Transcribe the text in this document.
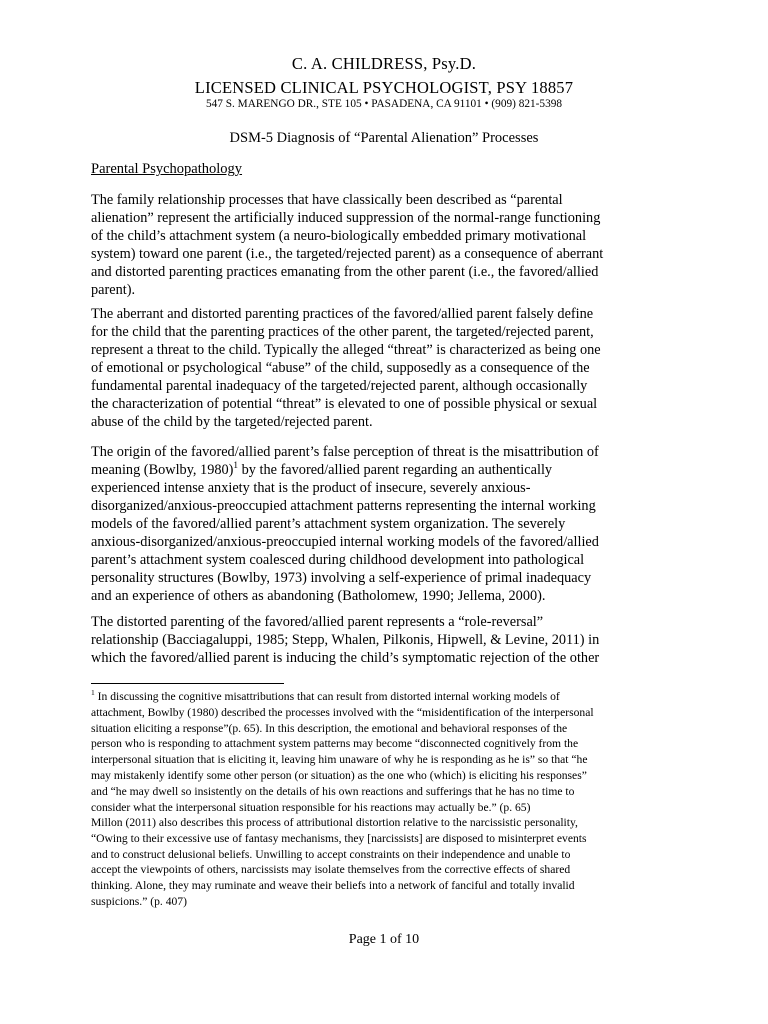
C. A. CHILDRESS, Psy.D.
LICENSED CLINICAL PSYCHOLOGIST, PSY 18857
547 S. MARENGO DR., STE 105 • PASADENA, CA 91101 • (909) 821-5398
DSM-5 Diagnosis of “Parental Alienation” Processes
Parental Psychopathology
The family relationship processes that have classically been described as “parental
alienation” represent the artificially induced suppression of the normal-range functioning
of the child’s attachment system (a neuro-biologically embedded primary motivational
system) toward one parent (i.e., the targeted/rejected parent) as a consequence of aberrant
and distorted parenting practices emanating from the other parent (i.e., the favored/allied
parent).
The aberrant and distorted parenting practices of the favored/allied parent falsely define
for the child that the parenting practices of the other parent, the targeted/rejected parent,
represent a threat to the child. Typically the alleged “threat” is characterized as being one
of emotional or psychological “abuse” of the child, supposedly as a consequence of the
fundamental parental inadequacy of the targeted/rejected parent, although occasionally
the characterization of potential “threat” is elevated to one of possible physical or sexual
abuse of the child by the targeted/rejected parent.
The origin of the favored/allied parent’s false perception of threat is the misattribution of
meaning (Bowlby, 1980)$^1$ by the favored/allied parent regarding an authentically
experienced intense anxiety that is the product of insecure, severely anxious-
disorganized/anxious-preoccupied attachment patterns representing the internal working
models of the favored/allied parent’s attachment system organization. The severely
anxious-disorganized/anxious-preoccupied internal working models of the favored/allied
parent’s attachment system coalesced during childhood development into pathological
personality structures (Bowlby, 1973) involving a self-experience of primal inadequacy
and an experience of others as abandoning (Batholomew, 1990; Jellema, 2000).
The distorted parenting of the favored/allied parent represents a “role-reversal”
relationship (Bacciagaluppi, 1985; Stepp, Whalen, Pilkonis, Hipwell, & Levine, 2011) in
which the favored/allied parent is inducing the child’s symptomatic rejection of the other
$^1$ In discussing the cognitive misattributions that can result from distorted internal working models of
attachment, Bowlby (1980) described the processes involved with the “misidentification of the interpersonal
situation eliciting a response”(p. 65). In this description, the emotional and behavioral responses of the
person who is responding to attachment system patterns may become “disconnected cognitively from the
interpersonal situation that is eliciting it, leaving him unaware of why he is responding as he is” so that “he
may mistakenly identify some other person (or situation) as the one who (which) is eliciting his responses”
and “he may dwell so insistently on the details of his own reactions and sufferings that he has no time to
consider what the interpersonal situation responsible for his reactions may actually be.” (p. 65)
Millon (2011) also describes this process of attributional distortion relative to the narcissistic personality,
“Owing to their excessive use of fantasy mechanisms, they [narcissists] are disposed to misinterpret events
and to construct delusional beliefs. Unwilling to accept constraints on their independence and unable to
accept the viewpoints of others, narcissists may isolate themselves from the corrective effects of shared
thinking. Alone, they may ruminate and weave their beliefs into a network of fanciful and totally invalid
suspicions.” (p. 407)
Page 1 of 10
